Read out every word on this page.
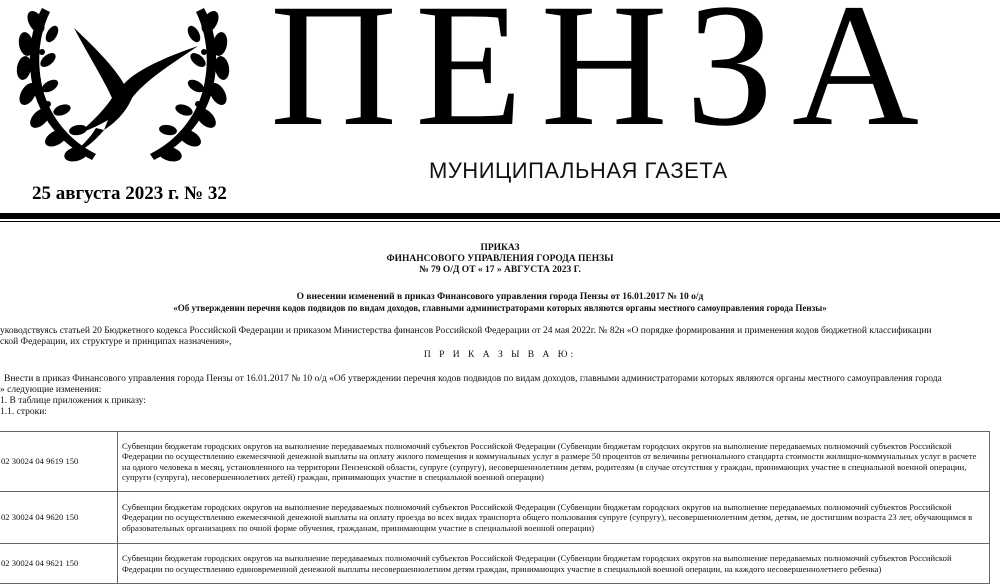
ПЕНЗА
МУНИЦИПАЛЬНАЯ ГАЗЕТА
25 августа 2023 г. № 32
ПРИКАЗ
ФИНАНСОВОГО УПРАВЛЕНИЯ ГОРОДА ПЕНЗЫ
№ 79 О/Д ОТ « 17 » АВГУСТА 2023 Г.
О внесении изменений в приказ Финансового управления города Пензы от 16.01.2017 № 10 о/д
«Об утверждении перечня кодов подвидов по видам доходов, главными администраторами которых являются органы местного самоуправления города Пензы»
уководствуясь статьей 20 Бюджетного кодекса Российской Федерации и приказом Министерства финансов Российской Федерации от 24 мая 2022г. № 82н «О порядке формирования и применения кодов бюджетной классификации
ской Федерации, их структуре и принципах назначения»,
П Р И К А З Ы В А Ю:
Внести в приказ Финансового управления города Пензы от 16.01.2017 № 10 о/д «Об утверждении перечня кодов подвидов по видам доходов, главными администраторами которых являются органы местного самоуправления города
» следующие изменения:
1. В таблице приложения к приказу:
1.1. строки:
02 30024 04 9619 150	Субвенции бюджетам городских округов на выполнение передаваемых полномочий субъектов Российской Федерации (Субвенции бюджетам городских округов на выполнение передаваемых полномочий субъектов Российской Федерации по осуществлению ежемесячной денежной выплаты на оплату жилого помещения и коммунальных услуг в размере 50 процентов от величины регионального стандарта стоимости жилищно-коммунальных услуг в расчете на одного человека в месяц, установленного на территории Пензенской области, супруге (супругу), несовершеннолетним детям, родителям (в случае отсутствия у граждан, принимающих участие в специальной военной операции, супруги (супруга), несовершеннолетних детей) граждан, принимающих участие в специальной военной операции)
02 30024 04 9620 150	Субвенции бюджетам городских округов на выполнение передаваемых полномочий субъектов Российской Федерации (Субвенции бюджетам городских округов на выполнение передаваемых полномочий субъектов Российской Федерации по осуществлению ежемесячной денежной выплаты на оплату проезда во всех видах транспорта общего пользования супруге (супругу), несовершеннолетним детям, детям, не достигшим возраста 23 лет, обучающимся в образовательных организациях по очной форме обучения, гражданам, принимающим участие в специальной военной операции)
02 30024 04 9621 150	Субвенции бюджетам городских округов на выполнение передаваемых полномочий субъектов Российской Федерации (Субвенции бюджетам городских округов на выполнение передаваемых полномочий субъектов Российской Федерации по осуществлению единовременной денежной выплаты несовершеннолетним детям граждан, принимающих участие в специальной военной операции, на каждого несовершеннолетнего ребенка)
